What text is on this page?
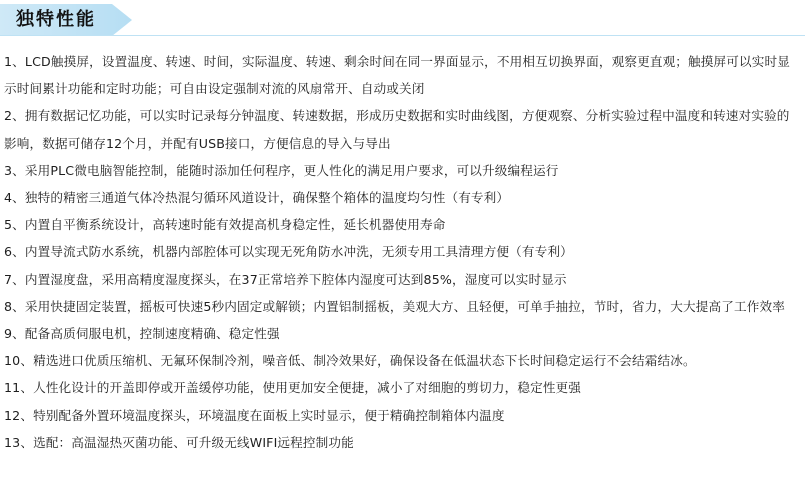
独特性能

1、LCD触摸屏，设置温度、转速、时间，实际温度、转速、剩余时间在同一界面显示，不用相互切换界面，观察更直观；触摸屏可以实时显示时间累计功能和定时功能；可自由设定强制对流的风扇常开、自动或关闭

2、拥有数据记忆功能，可以实时记录每分钟温度、转速数据，形成历史数据和实时曲线图，方便观察、分析实验过程中温度和转速对实验的影响，数据可储存12个月，并配有USB接口，方便信息的导入与导出

3、采用PLC微电脑智能控制，能随时添加任何程序，更人性化的满足用户要求，可以升级编程运行

4、独特的精密三通道气体冷热混匀循环风道设计，确保整个箱体的温度均匀性（有专利）

5、内置自平衡系统设计，高转速时能有效提高机身稳定性，延长机器使用寿命

6、内置导流式防水系统，机器内部腔体可以实现无死角防水冲洗，无须专用工具清理方便（有专利）

7、内置湿度盘，采用高精度湿度探头，在37正常培养下腔体内湿度可达到85%，湿度可以实时显示

8、采用快捷固定装置，摇板可快速5秒内固定或解锁；内置铝制摇板，美观大方、且轻便，可单手抽拉，节时，省力，大大提高了工作效率

9、配备高质伺服电机，控制速度精确、稳定性强

10、精选进口优质压缩机、无氟环保制冷剂，噪音低、制冷效果好，确保设备在低温状态下长时间稳定运行不会结霜结冰。

11、人性化设计的开盖即停或开盖缓停功能，使用更加安全便捷，减小了对细胞的剪切力，稳定性更强

12、特别配备外置环境温度探头，环境温度在面板上实时显示，便于精确控制箱体内温度

13、选配：高温湿热灭菌功能、可升级无线WIFI远程控制功能
